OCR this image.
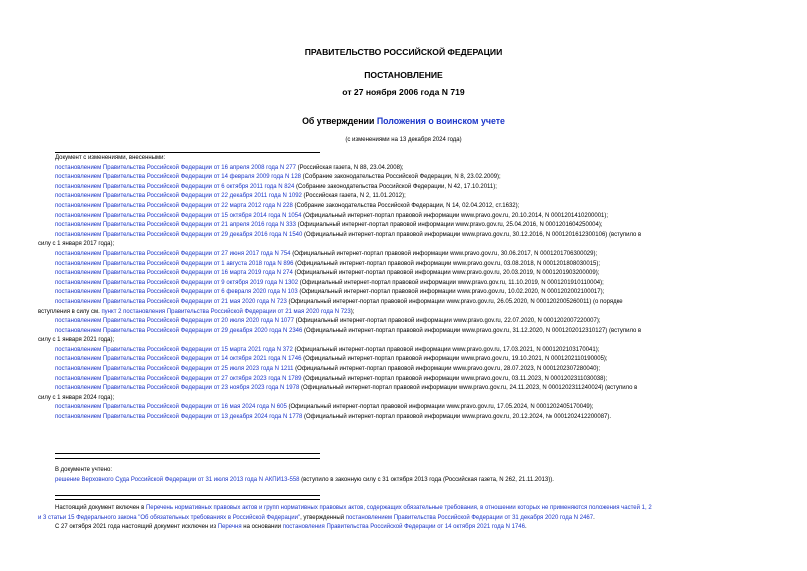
ПРАВИТЕЛЬСТВО РОССИЙСКОЙ ФЕДЕРАЦИИ
ПОСТАНОВЛЕНИЕ
от 27 ноября 2006 года N 719
Об утверждении Положения о воинском учете
(с изменениями на 13 декабря 2024 года)
Документ с изменениями, внесенными:
постановлением Правительства Российской Федерации от 16 апреля 2008 года N 277 (Российская газета, N 88, 23.04.2008);
постановлением Правительства Российской Федерации от 14 февраля 2009 года N 128 (Собрание законодательства Российской Федерации, N 8, 23.02.2009);
постановлением Правительства Российской Федерации от 6 октября 2011 года N 824 (Собрание законодательства Российской Федерации, N 42, 17.10.2011);
постановлением Правительства Российской Федерации от 22 декабря 2011 года N 1092 (Российская газета, N 2, 11.01.2012);
постановлением Правительства Российской Федерации от 22 марта 2012 года N 228 (Собрание законодательства Российской Федерации, N 14, 02.04.2012, ст.1632);
постановлением Правительства Российской Федерации от 15 октября 2014 года N 1054 (Официальный интернет-портал правовой информации www.pravo.gov.ru, 20.10.2014, N 0001201410200001);
постановлением Правительства Российской Федерации от 21 апреля 2016 года N 333 (Официальный интернет-портал правовой информации www.pravo.gov.ru, 25.04.2016, N 0001201604250004);
постановлением Правительства Российской Федерации от 29 декабря 2016 года N 1540 (Официальный интернет-портал правовой информации www.pravo.gov.ru, 30.12.2016, N 0001201612300106) (вступило в
силу с 1 января 2017 года);
постановлением Правительства Российской Федерации от 27 июня 2017 года N 754 (Официальный интернет-портал правовой информации www.pravo.gov.ru, 30.06.2017, N 0001201706300029);
постановлением Правительства Российской Федерации от 1 августа 2018 года N 896 (Официальный интернет-портал правовой информации www.pravo.gov.ru, 03.08.2018, N 0001201808030015);
постановлением Правительства Российской Федерации от 16 марта 2019 года N 274 (Официальный интернет-портал правовой информации www.pravo.gov.ru, 20.03.2019, N 0001201903200009);
постановлением Правительства Российской Федерации от 9 октября 2019 года N 1302 (Официальный интернет-портал правовой информации www.pravo.gov.ru, 11.10.2019, N 0001201910110004);
постановлением Правительства Российской Федерации от 6 февраля 2020 года N 103 (Официальный интернет-портал правовой информации www.pravo.gov.ru, 10.02.2020, N 0001202002100017);
постановлением Правительства Российской Федерации от 21 мая 2020 года N 723 (Официальный интернет-портал правовой информации www.pravo.gov.ru, 26.05.2020, N 0001202005260011) (о порядке
вступления в силу см. пункт 2 постановления Правительства Российской Федерации от 21 мая 2020 года N 723);
постановлением Правительства Российской Федерации от 20 июля 2020 года N 1077 (Официальный интернет-портал правовой информации www.pravo.gov.ru, 22.07.2020, N 0001202007220007);
постановлением Правительства Российской Федерации от 29 декабря 2020 года N 2346 (Официальный интернет-портал правовой информации www.pravo.gov.ru, 31.12.2020, N 0001202012310127) (вступило в
силу с 1 января 2021 года);
постановлением Правительства Российской Федерации от 15 марта 2021 года N 372 (Официальный интернет-портал правовой информации www.pravo.gov.ru, 17.03.2021, N 0001202103170041);
постановлением Правительства Российской Федерации от 14 октября 2021 года N 1746 (Официальный интернет-портал правовой информации www.pravo.gov.ru, 19.10.2021, N 0001202110190005);
постановлением Правительства Российской Федерации от 25 июля 2023 года N 1211 (Официальный интернет-портал правовой информации www.pravo.gov.ru, 28.07.2023, N 0001202307280040);
постановлением Правительства Российской Федерации от 27 октября 2023 года N 1789 (Официальный интернет-портал правовой информации www.pravo.gov.ru, 03.11.2023, N 0001202311030038);
постановлением Правительства Российской Федерации от 23 ноября 2023 года N 1978 (Официальный интернет-портал правовой информации www.pravo.gov.ru, 24.11.2023, N 0001202311240024) (вступило в
силу с 1 января 2024 года);
постановлением Правительства Российской Федерации от 16 мая 2024 года N 605 (Официальный интернет-портал правовой информации www.pravo.gov.ru, 17.05.2024, N 0001202405170049);
постановлением Правительства Российской Федерации от 13 декабря 2024 года N 1778 (Официальный интернет-портал правовой информации www.pravo.gov.ru, 20.12.2024, № 0001202412200087).
В документе учтено:
решение Верховного Суда Российской Федерации от 31 июля 2013 года N АКПИ13-558 (вступило в законную силу с 31 октября 2013 года (Российская газета, N 262, 21.11.2013)).
Настоящий документ включен в Перечень нормативных правовых актов и групп нормативных правовых актов, содержащих обязательные требования, в отношении которых не применяются положения частей 1, 2
и 3 статьи 15 Федерального закона "Об обязательных требованиях в Российской Федерации", утвержденный постановлением Правительства Российской Федерации от 31 декабря 2020 года N 2467.
С 27 октября 2021 года настоящий документ исключен из Перечня на основании постановления Правительства Российской Федерации от 14 октября 2021 года N 1746.
